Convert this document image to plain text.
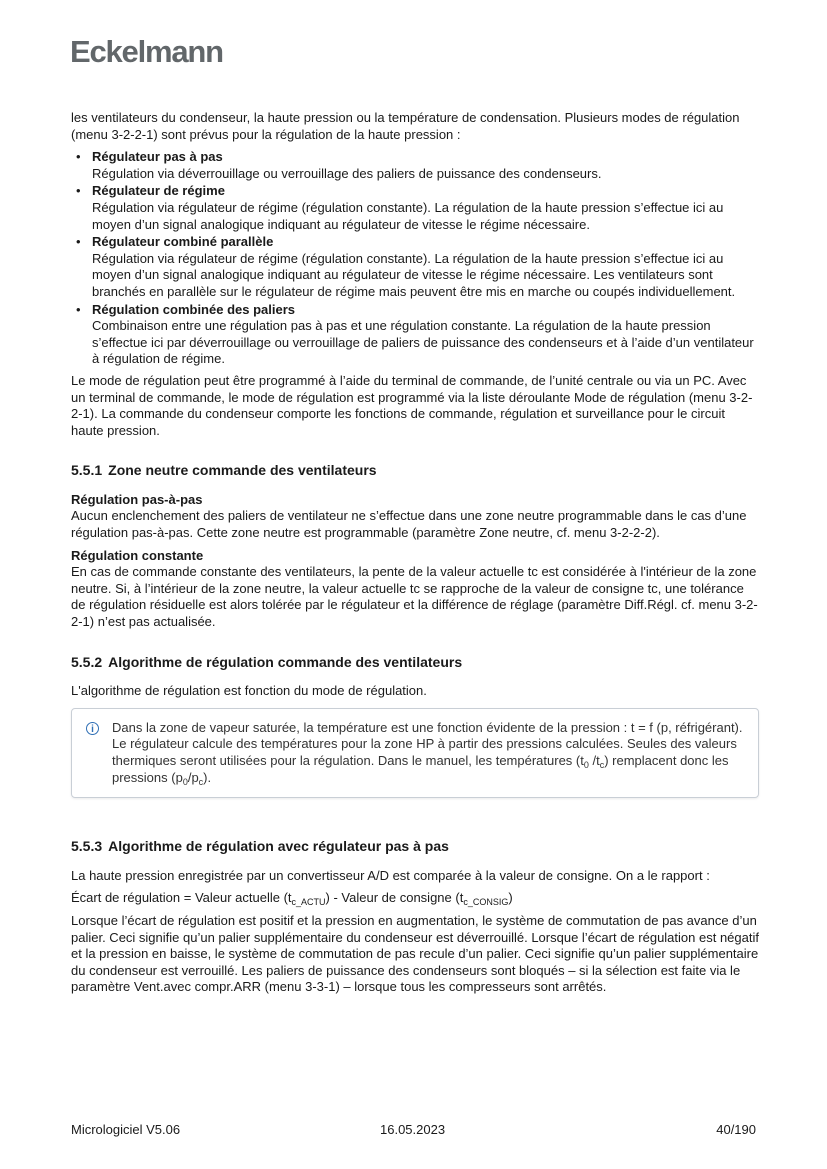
Eckelmann

les ventilateurs du condenseur, la haute pression ou la température de condensation. Plusieurs modes de régulation (menu 3-2-2-1) sont prévus pour la régulation de la haute pression :

• Régulateur pas à pas
Régulation via déverrouillage ou verrouillage des paliers de puissance des condenseurs.
• Régulateur de régime
Régulation via régulateur de régime (régulation constante). La régulation de la haute pression s’effectue ici au moyen d’un signal analogique indiquant au régulateur de vitesse le régime nécessaire.
• Régulateur combiné parallèle
Régulation via régulateur de régime (régulation constante). La régulation de la haute pression s’effectue ici au moyen d’un signal analogique indiquant au régulateur de vitesse le régime nécessaire. Les ventilateurs sont branchés en parallèle sur le régulateur de régime mais peuvent être mis en marche ou coupés individuellement.
• Régulation combinée des paliers
Combinaison entre une régulation pas à pas et une régulation constante. La régulation de la haute pression s’effectue ici par déverrouillage ou verrouillage de paliers de puissance des condenseurs et à l’aide d’un ventilateur à régulation de régime.

Le mode de régulation peut être programmé à l’aide du terminal de commande, de l’unité centrale ou via un PC. Avec un terminal de commande, le mode de régulation est programmé via la liste déroulante Mode de régulation (menu 3-2-2-1). La commande du condenseur comporte les fonctions de commande, régulation et surveillance pour le circuit haute pression.

5.5.1 Zone neutre commande des ventilateurs
Régulation pas-à-pas

Aucun enclenchement des paliers de ventilateur ne s’effectue dans une zone neutre programmable dans le cas d’une régulation pas-à-pas. Cette zone neutre est programmable (paramètre Zone neutre, cf. menu 3-2-2-2).

Régulation constante

En cas de commande constante des ventilateurs, la pente de la valeur actuelle tc est considérée à l'intérieur de la zone neutre. Si, à l’intérieur de la zone neutre, la valeur actuelle tc se rapproche de la valeur de consigne tc, une tolérance de régulation résiduelle est alors tolérée par le régulateur et la différence de réglage (paramètre Diff.Régl. cf. menu 3-2-2-1) n’est pas actualisée.

5.5.2 Algorithme de régulation commande des ventilateurs

L'algorithme de régulation est fonction du mode de régulation.

i	Dans la zone de vapeur saturée, la température est une fonction évidente de la pression : t = f (p, réfrigérant). Le régulateur calcule des températures pour la zone HP à partir des pressions calculées. Seules des valeurs thermiques seront utilisées pour la régulation. Dans le manuel, les températures ($t_0$ $/t_c$) remplacent donc les pressions $(p_0/p_c)$.
5.5.3 Algorithme de régulation avec régulateur pas à pas

La haute pression enregistrée par un convertisseur A/D est comparée à la valeur de consigne. On a le rapport :

Écart de régulation = Valeur actuelle $(t_{c\_ACTU})$ - Valeur de consigne $(t_{c\_CONSIG})$

Lorsque l’écart de régulation est positif et la pression en augmentation, le système de commutation de pas avance d’un palier. Ceci signifie qu’un palier supplémentaire du condenseur est déverrouillé. Lorsque l’écart de régulation est négatif et la pression en baisse, le système de commutation de pas recule d’un palier. Ceci signifie qu’un palier supplémentaire du condenseur est verrouillé. Les paliers de puissance des condenseurs sont bloqués – si la sélection est faite via le paramètre Vent.avec compr.ARR (menu 3-3-1) – lorsque tous les compresseurs sont arrêtés.

Micrologiciel V5.06	16.05.2023	40/190
